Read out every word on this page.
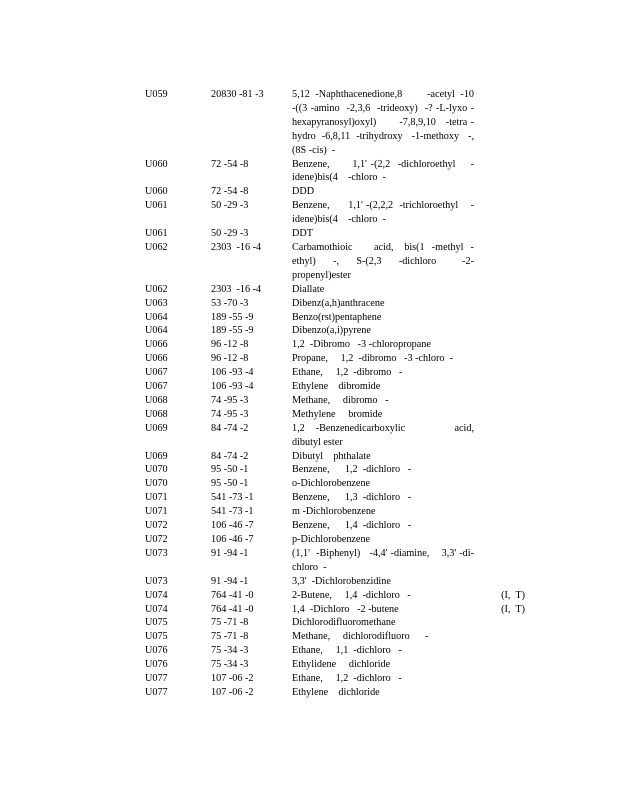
U059	20830 -81 -3	5,12  -Naphthacenedione,8         -acetyl  -10 -((3 -amino  -2,3,6  -trideoxy)  -? -L-lyxo -hexapyranosyl)oxyl)       -7,8,9,10   -tetra -hydro  -6,8,11  -trihydroxy   -1-methoxy   -,(8S -cis)  -
U060	72 -54 -8	Benzene,      1,1' -(2,2  -dichloroethyl    -idene)bis(4    -chloro  -
U060	72 -54 -8	DDD
U061	50 -29 -3	Benzene,      1,1' -(2,2,2  -trichloroethyl    -idene)bis(4    -chloro  -
U061	50 -29 -3	DDT
U062	2303  -16 -4	Carbamothioic      acid,   bis(1  -methyl  -ethyl)  -,  S-(2,3  -dichloro   -2-propenyl)ester
U062	2303  -16 -4	Diallate
U063	53 -70 -3	Dibenz(a,h)anthracene
U064	189 -55 -9	Benzo(rst)pentaphene
U064	189 -55 -9	Dibenzo(a,i)pyrene
U066	96 -12 -8	1,2  -Dibromo   -3 -chloropropane
U066	96 -12 -8	Propane,     1,2  -dibromo   -3 -chloro  -
U067	106 -93 -4	Ethane,     1,2  -dibromo   -
U067	106 -93 -4	Ethylene    dibromide
U068	74 -95 -3	Methane,     dibromo   -
U068	74 -95 -3	Methylene     bromide
U069	84 -74 -2	1,2  -Benzenedicarboxylic         acid,   dibutyl ester
U069	84 -74 -2	Dibutyl    phthalate
U070	95 -50 -1	Benzene,      1,2  -dichloro   -
U070	95 -50 -1	o-Dichlorobenzene
U071	541 -73 -1	Benzene,      1,3  -dichloro   -
U071	541 -73 -1	m -Dichlorobenzene
U072	106 -46 -7	Benzene,      1,4  -dichloro   -
U072	106 -46 -7	p-Dichlorobenzene
U073	91 -94 -1	(1,1'  -Biphenyl)   -4,4' -diamine,    3,3' -di-chloro  -
U073	91 -94 -1	3,3'  -Dichlorobenzidine
U074	764 -41 -0	2-Butene,     1,4  -dichloro   -	(I,  T)
U074	764 -41 -0	1,4  -Dichloro   -2 -butene	(I,  T)
U075	75 -71 -8	Dichlorodifluoromethane
U075	75 -71 -8	Methane,     dichlorodifluoro      -
U076	75 -34 -3	Ethane,     1,1  -dichloro   -
U076	75 -34 -3	Ethylidene     dichloride
U077	107 -06 -2	Ethane,     1,2  -dichloro   -
U077	107 -06 -2	Ethylene    dichloride
